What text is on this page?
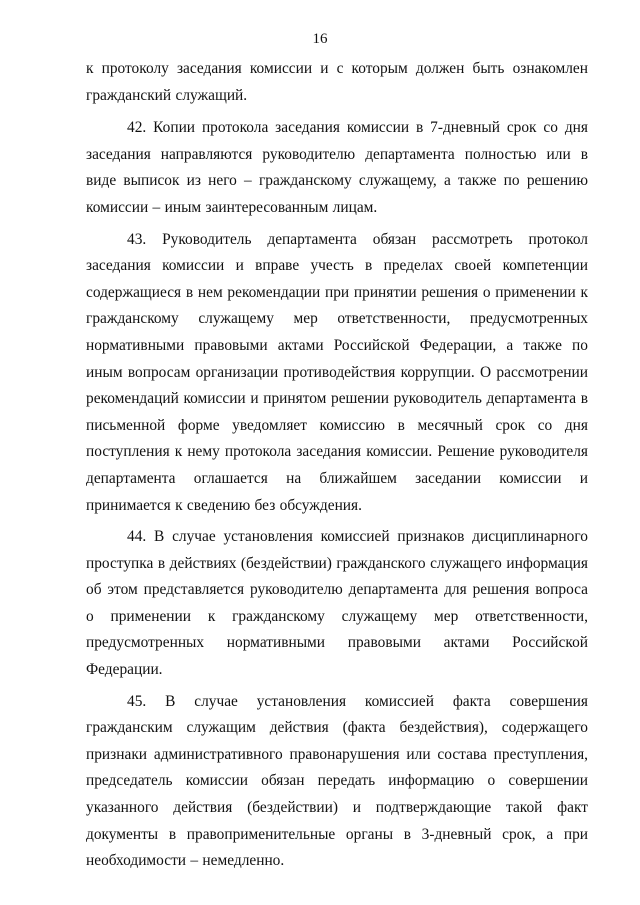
16

к протоколу заседания комиссии и с которым должен быть ознакомлен гражданский служащий.

42. Копии протокола заседания комиссии в 7-дневный срок со дня заседания направляются руководителю департамента полностью или в виде выписок из него – гражданскому служащему, а также по решению комиссии – иным заинтересованным лицам.

43. Руководитель департамента обязан рассмотреть протокол заседания комиссии и вправе учесть в пределах своей компетенции содержащиеся в нем рекомендации при принятии решения о применении к гражданскому служащему мер ответственности, предусмотренных нормативными правовыми актами Российской Федерации, а также по иным вопросам организации противодействия коррупции. О рассмотрении рекомендаций комиссии и принятом решении руководитель департамента в письменной форме уведомляет комиссию в месячный срок со дня поступления к нему протокола заседания комиссии. Решение руководителя департамента оглашается на ближайшем заседании комиссии и принимается к сведению без обсуждения.

44. В случае установления комиссией признаков дисциплинарного проступка в действиях (бездействии) гражданского служащего информация об этом представляется руководителю департамента для решения вопроса о применении к гражданскому служащему мер ответственности, предусмотренных нормативными правовыми актами Российской Федерации.

45. В случае установления комиссией факта совершения гражданским служащим действия (факта бездействия), содержащего признаки административного правонарушения или состава преступления, председатель комиссии обязан передать информацию о совершении указанного действия (бездействии) и подтверждающие такой факт документы в правоприменительные органы в 3-дневный срок, а при необходимости – немедленно.
